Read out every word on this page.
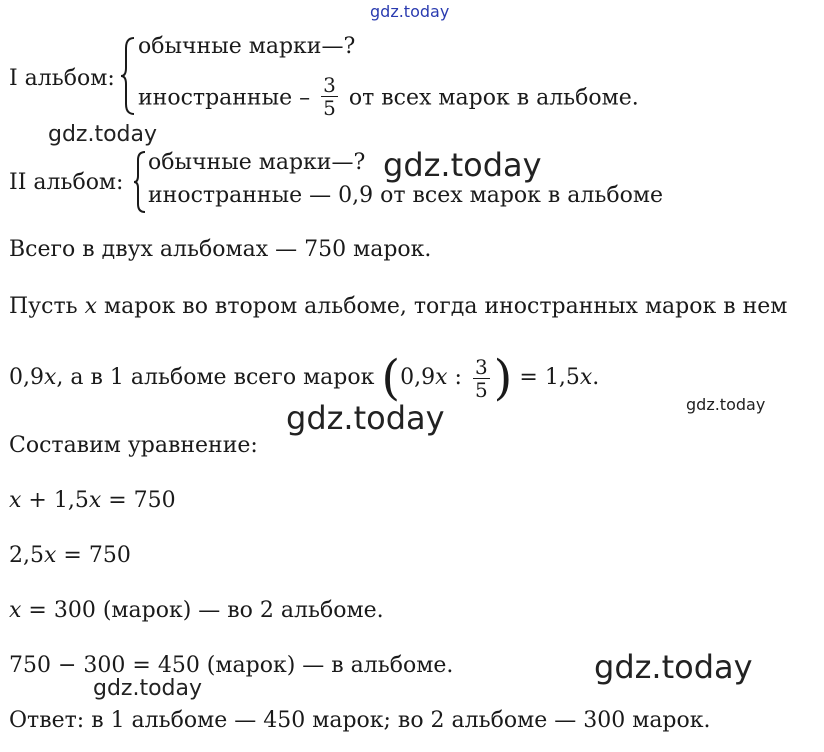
gdz.today
gdz.today
gdz.today
gdz.today
gdz.today
gdz.today
gdz.today
I альбом:
обычные марки—?
иностранные – $\frac{3}{5}$ от всех марок в альбоме.
II альбом:
обычные марки—?
иностранные — 0,9 от всех марок в альбоме
Всего в двух альбомах — 750 марок.
Пусть x марок во втором альбоме, тогда иностранных марок в нем
0,9x, а в 1 альбоме всего марок (0,9x : $\frac{3}{5}$ ) = 1,5x.
Составим уравнение:
x + 1,5x = 750
2,5x = 750
x = 300 (марок) — во 2 альбоме.
750 − 300 = 450 (марок) — в альбоме.
Ответ: в 1 альбоме — 450 марок; во 2 альбоме — 300 марок.
